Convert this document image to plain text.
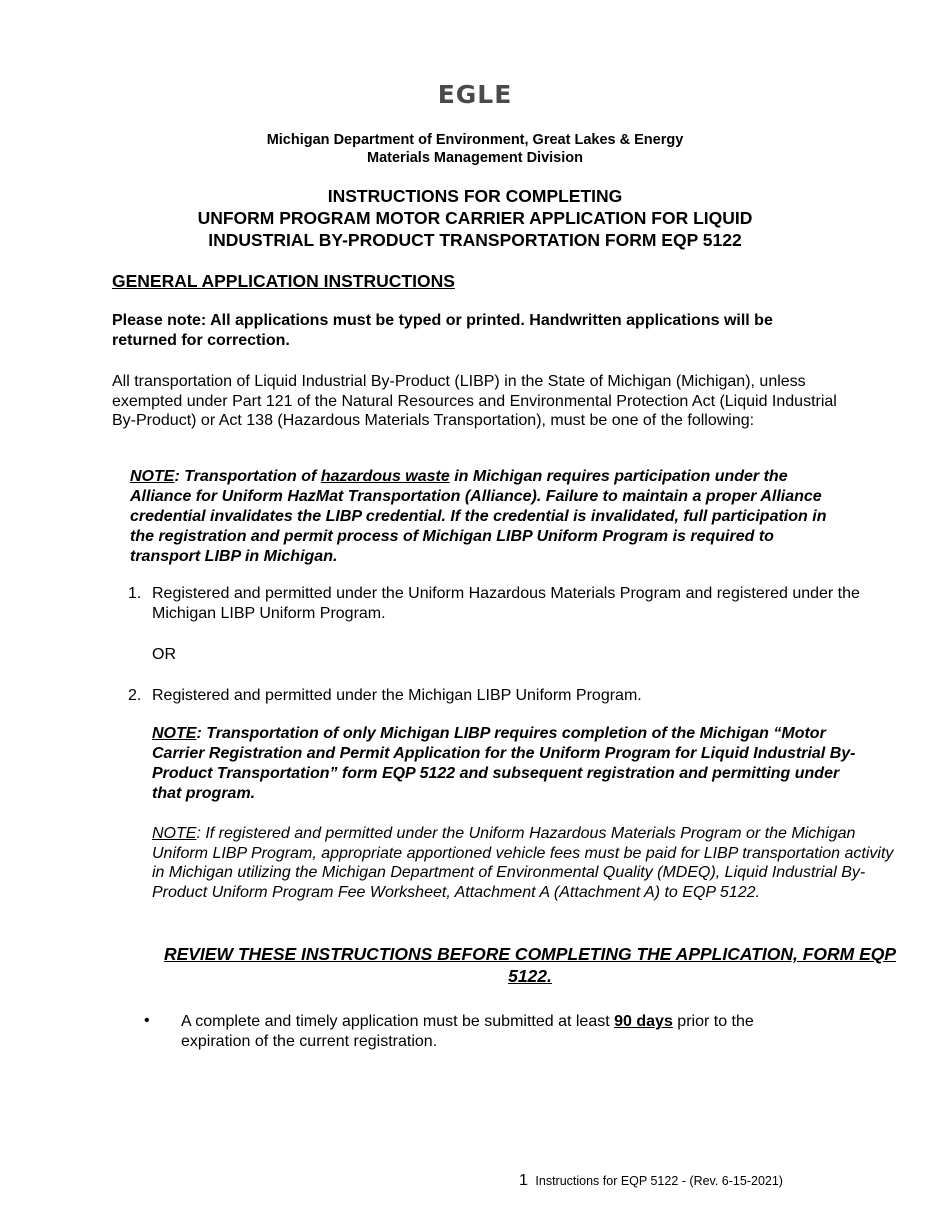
EGLE
Michigan Department of Environment, Great Lakes & Energy
Materials Management Division
INSTRUCTIONS FOR COMPLETING
UNFORM PROGRAM MOTOR CARRIER APPLICATION FOR LIQUID
INDUSTRIAL BY-PRODUCT TRANSPORTATION FORM EQP 5122
GENERAL APPLICATION INSTRUCTIONS
Please note: All applications must be typed or printed. Handwritten applications will be returned for correction.
All transportation of Liquid Industrial By-Product (LIBP) in the State of Michigan (Michigan), unless exempted under Part 121 of the Natural Resources and Environmental Protection Act (Liquid Industrial By-Product) or Act 138 (Hazardous Materials Transportation), must be one of the following:
NOTE: Transportation of hazardous waste in Michigan requires participation under the Alliance for Uniform HazMat Transportation (Alliance). Failure to maintain a proper Alliance credential invalidates the LIBP credential. If the credential is invalidated, full participation in the registration and permit process of Michigan LIBP Uniform Program is required to transport LIBP in Michigan.
1. Registered and permitted under the Uniform Hazardous Materials Program and registered under the Michigan LIBP Uniform Program.
OR
2. Registered and permitted under the Michigan LIBP Uniform Program.
NOTE: Transportation of only Michigan LIBP requires completion of the Michigan “Motor Carrier Registration and Permit Application for the Uniform Program for Liquid Industrial By-Product Transportation” form EQP 5122 and subsequent registration and permitting under that program.
NOTE: If registered and permitted under the Uniform Hazardous Materials Program or the Michigan Uniform LIBP Program, appropriate apportioned vehicle fees must be paid for LIBP transportation activity in Michigan utilizing the Michigan Department of Environmental Quality (MDEQ), Liquid Industrial By-Product Uniform Program Fee Worksheet, Attachment A (Attachment A) to EQP 5122.
REVIEW THESE INSTRUCTIONS BEFORE COMPLETING THE APPLICATION, FORM EQP 5122.
• A complete and timely application must be submitted at least 90 days prior to the expiration of the current registration.
1 Instructions for EQP 5122 - (Rev. 6-15-2021)
